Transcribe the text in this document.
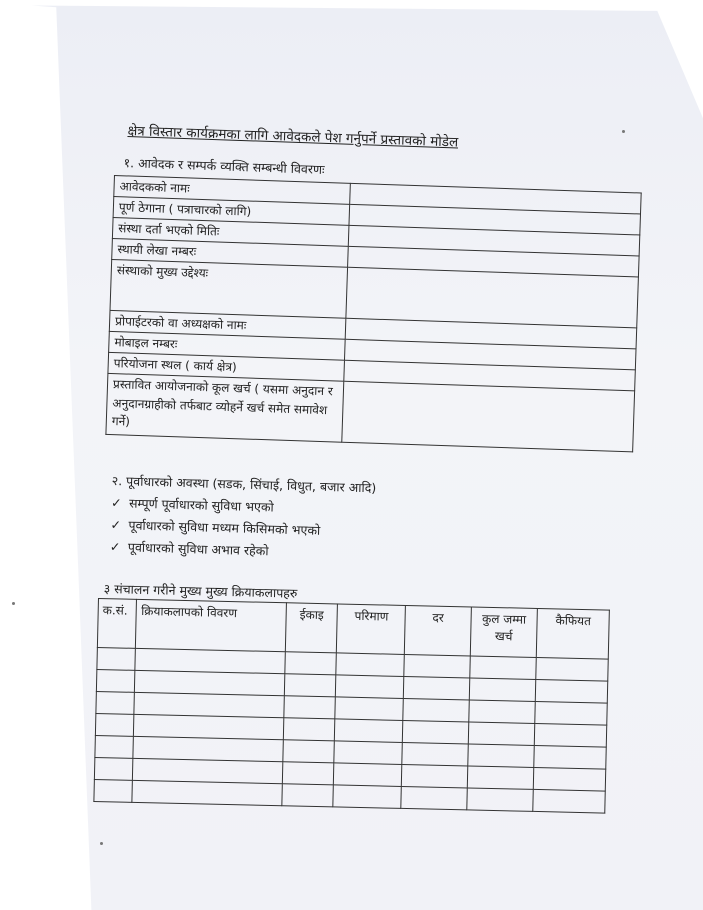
क्षेत्र विस्तार कार्यक्रमका लागि आवेदकले पेश गर्नुपर्ने प्रस्तावको मोडेल
१. आवेदक र सम्पर्क व्यक्ति सम्बन्धी विवरणः
आवेदकको नामः	
पूर्ण ठेगाना ( पत्राचारको लागि)	
संस्था दर्ता भएको मितिः	
स्थायी लेखा नम्बरः	
संस्थाको मुख्य उद्देश्यः	
प्रोपाईटरको वा अध्यक्षको नामः	
मोबाइल नम्बरः	
परियोजना स्थल ( कार्य क्षेत्र)	
प्रस्तावित आयोजनाको कूल खर्च ( यसमा अनुदान र अनुदानग्राहीको तर्फबाट व्योहर्ने खर्च समेत समावेश गर्ने)	
२. पूर्वाधारको अवस्था (सडक, सिंचाई, विधुत, बजार आदि)
✓ सम्पूर्ण पूर्वाधारको सुविधा भएको
✓ पूर्वाधारको सुविधा मध्यम किसिमको भएको
✓ पूर्वाधारको सुविधा अभाव रहेको
३ संचालन गरीने मुख्य मुख्य क्रियाकलापहरु
क.सं.	क्रियाकलापको विवरण	ईकाइ	परिमाण	दर	कुल जम्मा खर्च	कैफियत
